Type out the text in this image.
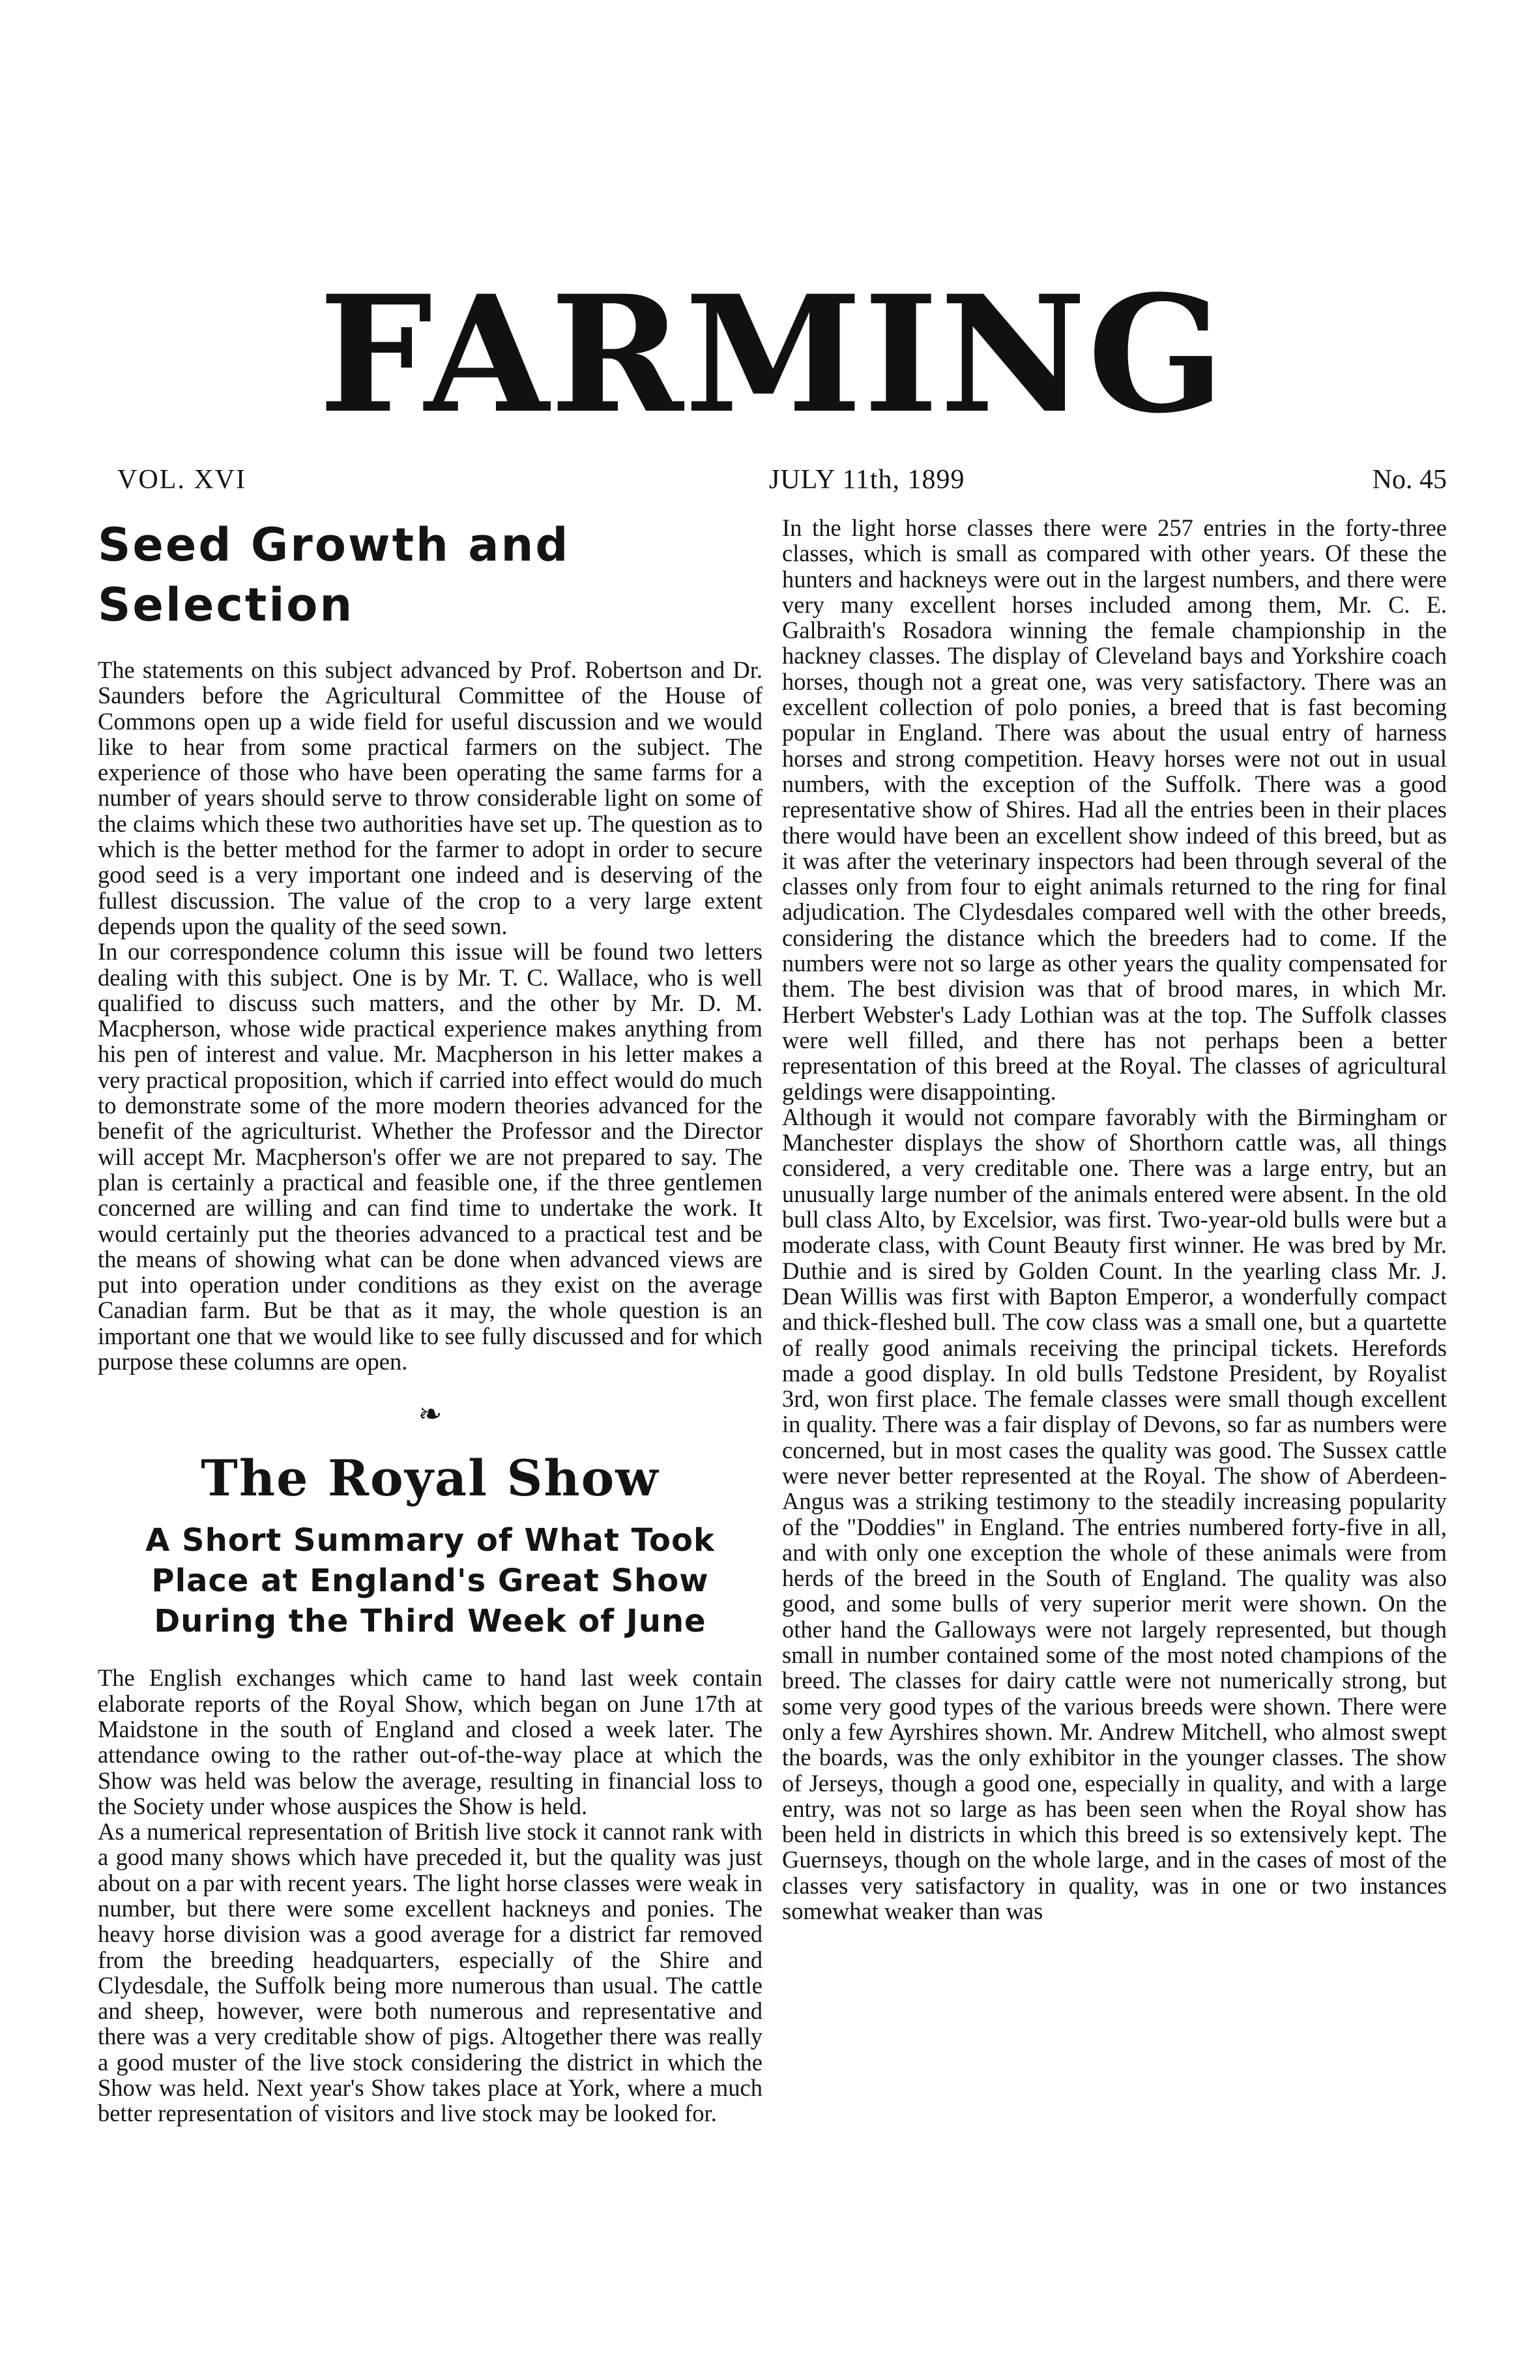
FARMING
VOL. XVI	JULY 11th, 1899	No. 45
Seed Growth and Selection

The statements on this subject advanced by Prof. Robertson and Dr. Saunders before the Agricultural Committee of the House of Commons open up a wide field for useful discussion and we would like to hear from some practical farmers on the subject. The experience of those who have been operating the same farms for a number of years should serve to throw considerable light on some of the claims which these two authorities have set up. The question as to which is the better method for the farmer to adopt in order to secure good seed is a very important one indeed and is deserving of the fullest discussion. The value of the crop to a very large extent depends upon the quality of the seed sown.

In our correspondence column this issue will be found two letters dealing with this subject. One is by Mr. T. C. Wallace, who is well qualified to discuss such matters, and the other by Mr. D. M. Macpherson, whose wide practical experience makes anything from his pen of interest and value. Mr. Macpherson in his letter makes a very practical proposition, which if carried into effect would do much to demonstrate some of the more modern theories advanced for the benefit of the agriculturist. Whether the Professor and the Director will accept Mr. Macpherson's offer we are not prepared to say. The plan is certainly a practical and feasible one, if the three gentlemen concerned are willing and can find time to undertake the work. It would certainly put the theories advanced to a practical test and be the means of showing what can be done when advanced views are put into operation under conditions as they exist on the average Canadian farm. But be that as it may, the whole question is an important one that we would like to see fully discussed and for which purpose these columns are open.

❧
The Royal Show
A Short Summary of What Took Place at England's Great Show During the Third Week of June

The English exchanges which came to hand last week contain elaborate reports of the Royal Show, which began on June 17th at Maidstone in the south of England and closed a week later. The attendance owing to the rather out-of-the-way place at which the Show was held was below the average, resulting in financial loss to the Society under whose auspices the Show is held.

As a numerical representation of British live stock it cannot rank with a good many shows which have preceded it, but the quality was just about on a par with recent years. The light horse classes were weak in number, but there were some excellent hackneys and ponies. The heavy horse division was a good average for a district far removed from the breeding headquarters, especially of the Shire and Clydesdale, the Suffolk being more numerous than usual. The cattle and sheep, however, were both numerous and representative and there was a very creditable show of pigs. Altogether there was really a good muster of the live stock considering the district in which the Show was held. Next year's Show takes place at York, where a much better representation of visitors and live stock may be looked for.

In the light horse classes there were 257 entries in the forty-three classes, which is small as compared with other years. Of these the hunters and hackneys were out in the largest numbers, and there were very many excellent horses included among them, Mr. C. E. Galbraith's Rosadora winning the female championship in the hackney classes. The display of Cleveland bays and Yorkshire coach horses, though not a great one, was very satisfactory. There was an excellent collection of polo ponies, a breed that is fast becoming popular in England. There was about the usual entry of harness horses and strong competition. Heavy horses were not out in usual numbers, with the exception of the Suffolk. There was a good representative show of Shires. Had all the entries been in their places there would have been an excellent show indeed of this breed, but as it was after the veterinary inspectors had been through several of the classes only from four to eight animals returned to the ring for final adjudication. The Clydesdales compared well with the other breeds, considering the distance which the breeders had to come. If the numbers were not so large as other years the quality compensated for them. The best division was that of brood mares, in which Mr. Herbert Webster's Lady Lothian was at the top. The Suffolk classes were well filled, and there has not perhaps been a better representation of this breed at the Royal. The classes of agricultural geldings were disappointing.

Although it would not compare favorably with the Birmingham or Manchester displays the show of Shorthorn cattle was, all things considered, a very creditable one. There was a large entry, but an unusually large number of the animals entered were absent. In the old bull class Alto, by Excelsior, was first. Two-year-old bulls were but a moderate class, with Count Beauty first winner. He was bred by Mr. Duthie and is sired by Golden Count. In the yearling class Mr. J. Dean Willis was first with Bapton Emperor, a wonderfully compact and thick-fleshed bull. The cow class was a small one, but a quartette of really good animals receiving the principal tickets. Herefords made a good display. In old bulls Tedstone President, by Royalist 3rd, won first place. The female classes were small though excellent in quality. There was a fair display of Devons, so far as numbers were concerned, but in most cases the quality was good. The Sussex cattle were never better represented at the Royal. The show of Aberdeen-Angus was a striking testimony to the steadily increasing popularity of the "Doddies" in England. The entries numbered forty-five in all, and with only one exception the whole of these animals were from herds of the breed in the South of England. The quality was also good, and some bulls of very superior merit were shown. On the other hand the Galloways were not largely represented, but though small in number contained some of the most noted champions of the breed. The classes for dairy cattle were not numerically strong, but some very good types of the various breeds were shown. There were only a few Ayrshires shown. Mr. Andrew Mitchell, who almost swept the boards, was the only exhibitor in the younger classes. The show of Jerseys, though a good one, especially in quality, and with a large entry, was not so large as has been seen when the Royal show has been held in districts in which this breed is so extensively kept. The Guernseys, though on the whole large, and in the cases of most of the classes very satisfactory in quality, was in one or two instances somewhat weaker than was
